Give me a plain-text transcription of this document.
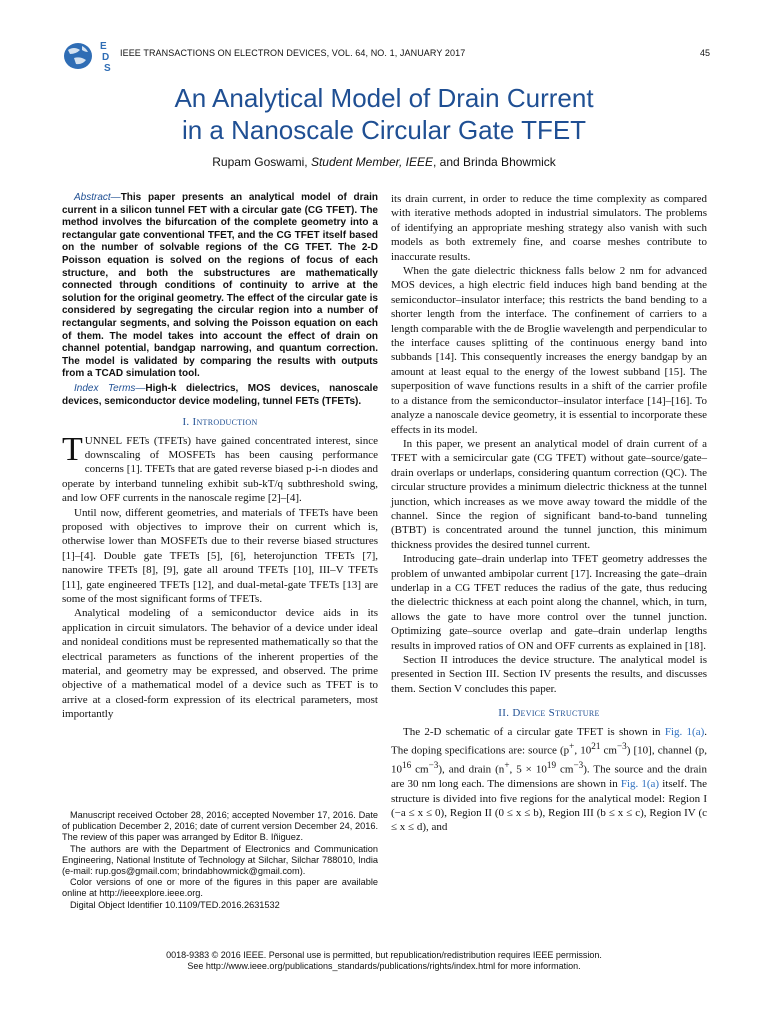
E
D
S
IEEE TRANSACTIONS ON ELECTRON DEVICES, VOL. 64, NO. 1, JANUARY 2017	45
An Analytical Model of Drain Current
in a Nanoscale Circular Gate TFET
Rupam Goswami, Student Member, IEEE, and Brinda Bhowmick
Abstract—This paper presents an analytical model of drain current in a silicon tunnel FET with a circular gate (CG TFET). The method involves the bifurcation of the complete geometry into a rectangular gate conventional TFET, and the CG TFET itself based on the number of solvable regions of the CG TFET. The 2-D Poisson equation is solved on the regions of focus of each structure, and both the substructures are mathematically connected through conditions of continuity to arrive at the solution for the original geometry. The effect of the circular gate is considered by segregating the circular region into a number of rectangular segments, and solving the Poisson equation on each of them. The model takes into account the effect of drain on channel potential, bandgap narrowing, and quantum correction. The model is validated by comparing the results with outputs from a TCAD simulation tool.
Index Terms—High-k dielectrics, MOS devices, nanoscale devices, semiconductor device modeling, tunnel FETs (TFETs).
I. Introduction

TUNNEL FETs (TFETs) have gained concentrated interest, since downscaling of MOSFETs has been causing performance concerns [1]. TFETs that are gated reverse biased p-i-n diodes and operate by interband tunneling exhibit sub-kT/q subthreshold swing, and low OFF currents in the nanoscale regime [2]–[4].

Until now, different geometries, and materials of TFETs have been proposed with objectives to improve their on current which is, otherwise lower than MOSFETs due to their reverse biased structures [1]–[4]. Double gate TFETs [5], [6], heterojunction TFETs [7], nanowire TFETs [8], [9], gate all around TFETs [10], III–V TFETs [11], gate engineered TFETs [12], and dual-metal-gate TFETs [13] are some of the most significant forms of TFETs.

Analytical modeling of a semiconductor device aids in its application in circuit simulators. The behavior of a device under ideal and nonideal conditions must be represented mathematically so that the electrical parameters as functions of the inherent properties of the material, and geometry may be expressed, and observed. The prime objective of a mathematical model of a device such as TFET is to arrive at a closed-form expression of its electrical parameters, most importantly

its drain current, in order to reduce the time complexity as compared with iterative methods adopted in industrial simulators. The problems of identifying an appropriate meshing strategy also vanish with such models as both extremely fine, and coarse meshes contribute to inaccurate results.

When the gate dielectric thickness falls below 2 nm for advanced MOS devices, a high electric field induces high band bending at the semiconductor–insulator interface; this restricts the band bending to a shorter length from the interface. The confinement of carriers to a length comparable with the de Broglie wavelength and perpendicular to the interface causes splitting of the continuous energy band into subbands [14]. This consequently increases the energy bandgap by an amount at least equal to the energy of the lowest subband [15]. The superposition of wave functions results in a shift of the carrier profile to a distance from the semiconductor–insulator interface [14]–[16]. To analyze a nanoscale device geometry, it is essential to incorporate these effects in its model.

In this paper, we present an analytical model of drain current of a TFET with a semicircular gate (CG TFET) without gate–source/gate–drain overlaps or underlaps, considering quantum correction (QC). The circular structure provides a minimum dielectric thickness at the tunnel junction, which increases as we move away toward the middle of the channel. Since the region of significant band-to-band tunneling (BTBT) is concentrated around the tunnel junction, this minimum thickness provides the desired tunnel current.

Introducing gate–drain underlap into TFET geometry addresses the problem of unwanted ambipolar current [17]. Increasing the gate–drain underlap in a CG TFET reduces the radius of the gate, thus reducing the dielectric thickness at each point along the channel, which, in turn, allows the gate to have more control over the tunnel junction. Optimizing gate–source overlap and gate–drain underlap lengths results in improved ratios of ON and OFF currents as explained in [18].

Section II introduces the device structure. The analytical model is presented in Section III. Section IV presents the results, and discusses them. Section V concludes this paper.

II. Device Structure

The 2-D schematic of a circular gate TFET is shown in Fig. 1(a). The doping specifications are: source (p+, $10^{21}$ $cm^{-3}$) [10], channel (p, $10^{16}$ $cm^{-3}$), and drain (n+, $5 \times 10^{19}$ $cm^{-3}$). The source and the drain are 30 nm long each. The dimensions are shown in Fig. 1(a) itself. The structure is divided into five regions for the analytical model: Region I (−a ≤ x ≤ 0), Region II (0 ≤ x ≤ b), Region III (b ≤ x ≤ c), Region IV (c ≤ x ≤ d), and

Manuscript received October 28, 2016; accepted November 17, 2016. Date of publication December 2, 2016; date of current version December 24, 2016. The review of this paper was arranged by Editor B. Iñiguez.

The authors are with the Department of Electronics and Communication Engineering, National Institute of Technology at Silchar, Silchar 788010, India (e-mail: rup.gos@gmail.com; brindabhowmick@gmail.com).

Color versions of one or more of the figures in this paper are available online at http://ieeexplore.ieee.org.

Digital Object Identifier 10.1109/TED.2016.2631532

0018-9383 © 2016 IEEE. Personal use is permitted, but republication/redistribution requires IEEE permission.
See http://www.ieee.org/publications_standards/publications/rights/index.html for more information.
